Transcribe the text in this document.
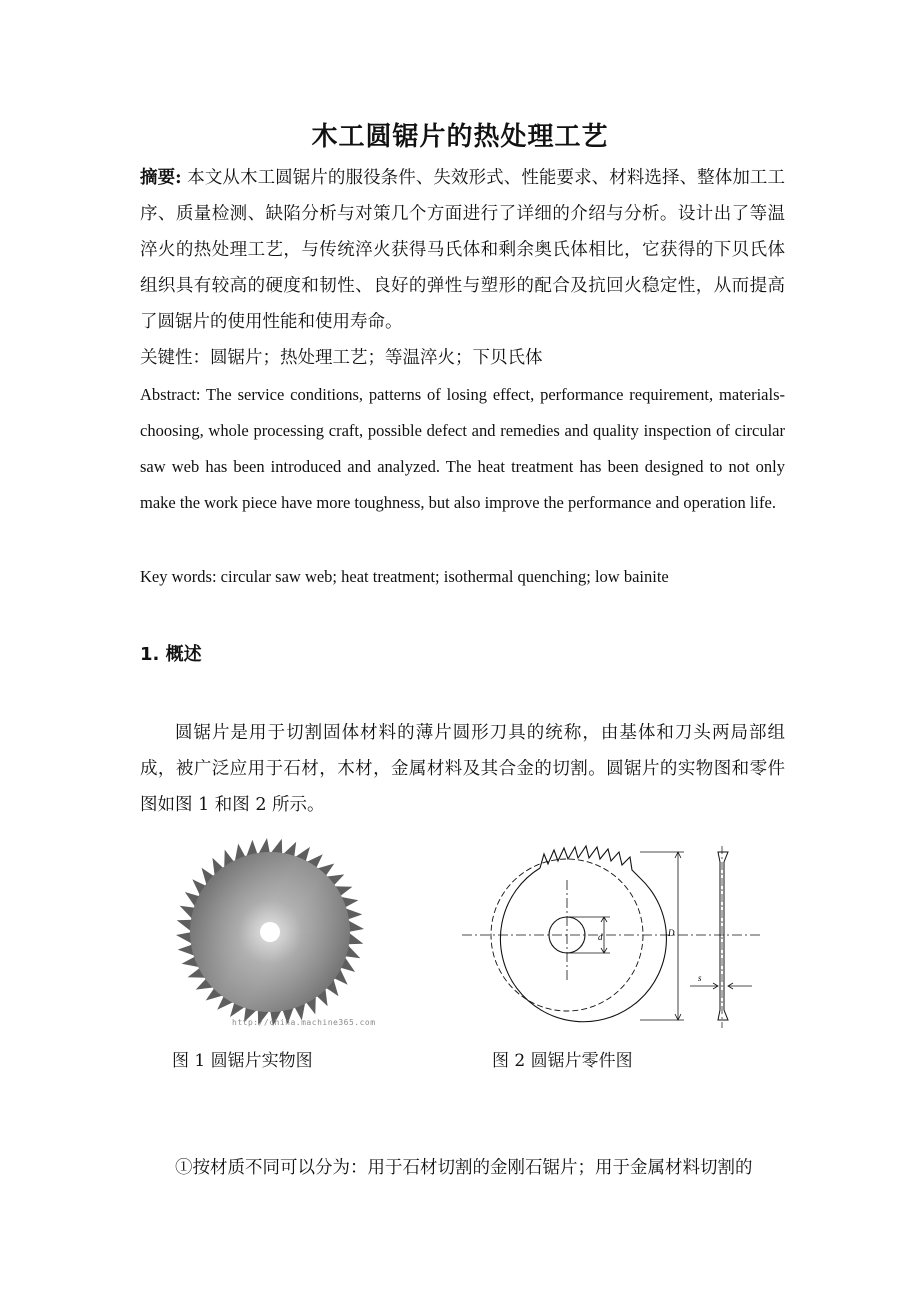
木工圆锯片的热处理工艺
摘要: 本文从木工圆锯片的服役条件、失效形式、性能要求、材料选择、整体加工工序、质量检测、缺陷分析与对策几个方面进行了详细的介绍与分析。设计出了等温淬火的热处理工艺，与传统淬火获得马氏体和剩余奥氏体相比，它获得的下贝氏体组织具有较高的硬度和韧性、良好的弹性与塑形的配合及抗回火稳定性，从而提高了圆锯片的使用性能和使用寿命。
关键性：圆锯片；热处理工艺；等温淬火；下贝氏体
Abstract: The service conditions, patterns of losing effect, performance requirement, materials-choosing, whole processing craft, possible defect and remedies and quality inspection of circular saw web has been introduced and analyzed. The heat treatment has been designed to not only make the work piece have more toughness, but also improve the performance and operation life.
Key words: circular saw web; heat treatment; isothermal quenching; low bainite
1. 概述
圆锯片是用于切割固体材料的薄片圆形刀具的统称，由基体和刀头两局部组成，被广泛应用于石材，木材，金属材料及其合金的切割。圆锯片的实物图和零件图如图 1 和图 2 所示。
http://china.machine365.com
d	D
s
图 1 圆锯片实物图	图 2 圆锯片零件图
①按材质不同可以分为：用于石材切割的金刚石锯片；用于金属材料切割的
